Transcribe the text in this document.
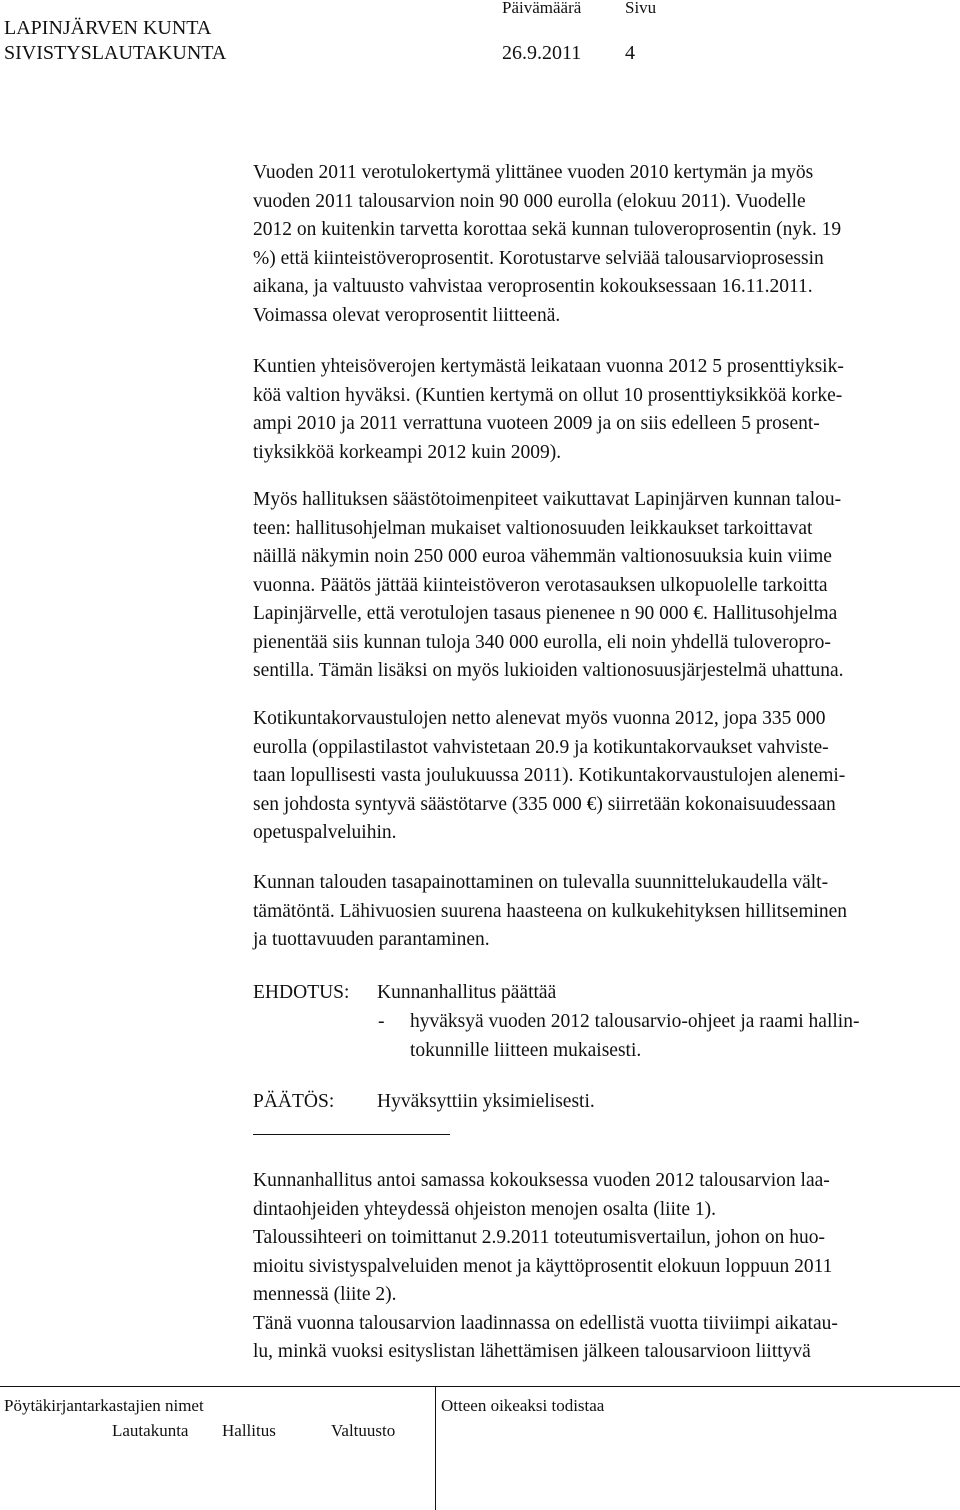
LAPINJÄRVEN KUNTA
SIVISTYSLAUTAKUNTA
Päivämäärä	Sivu
26.9.2011 4
Vuoden 2011 verotulokertymä ylittänee vuoden 2010 kertymän ja myös
vuoden 2011 talousarvion noin 90 000 eurolla (elokuu 2011). Vuodelle
2012 on kuitenkin tarvetta korottaa sekä kunnan tuloveroprosentin (nyk. 19
%) että kiinteistöveroprosentit. Korotustarve selviää talousarvioprosessin
aikana, ja valtuusto vahvistaa veroprosentin kokouksessaan 16.11.2011.
Voimassa olevat veroprosentit liitteenä.
Kuntien yhteisöverojen kertymästä leikataan vuonna 2012 5 prosenttiyksik-
köä valtion hyväksi. (Kuntien kertymä on ollut 10 prosenttiyksikköä korke-
ampi 2010 ja 2011 verrattuna vuoteen 2009 ja on siis edelleen 5 prosent-
tiyksikköä korkeampi 2012 kuin 2009).
Myös hallituksen säästötoimenpiteet vaikuttavat Lapinjärven kunnan talou-
teen: hallitusohjelman mukaiset valtionosuuden leikkaukset tarkoittavat
näillä näkymin noin 250 000 euroa vähemmän valtionosuuksia kuin viime
vuonna. Päätös jättää kiinteistöveron verotasauksen ulkopuolelle tarkoitta
Lapinjärvelle, että verotulojen tasaus pienenee n 90 000 €. Hallitusohjelma
pienentää siis kunnan tuloja 340 000 eurolla, eli noin yhdellä tuloveropro-
sentilla. Tämän lisäksi on myös lukioiden valtionosuusjärjestelmä uhattuna.
Kotikuntakorvaustulojen netto alenevat myös vuonna 2012, jopa 335 000
eurolla (oppilastilastot vahvistetaan 20.9 ja kotikuntakorvaukset vahviste-
taan lopullisesti vasta joulukuussa 2011). Kotikuntakorvaustulojen alenemi-
sen johdosta syntyvä säästötarve (335 000 €) siirretään kokonaisuudessaan
opetuspalveluihin.
Kunnan talouden tasapainottaminen on tulevalla suunnittelukaudella vält-
tämätöntä. Lähivuosien suurena haasteena on kulkukehityksen hillitseminen
ja tuottavuuden parantaminen.
EHDOTUS: Kunnanhallitus päättää
- hyväksyä vuoden 2012 talousarvio-ohjeet ja raami hallin-
tokunnille liitteen mukaisesti.
PÄÄTÖS: Hyväksyttiin yksimielisesti.
Kunnanhallitus antoi samassa kokouksessa vuoden 2012 talousarvion laa-
dintaohjeiden yhteydessä ohjeiston menojen osalta (liite 1).
Taloussihteeri on toimittanut 2.9.2011 toteutumisvertailun, johon on huo-
mioitu sivistyspalveluiden menot ja käyttöprosentit elokuun loppuun 2011
mennessä (liite 2).
Tänä vuonna talousarvion laadinnassa on edellistä vuotta tiiviimpi aikatau-
lu, minkä vuoksi esityslistan lähettämisen jälkeen talousarvioon liittyvä
Pöytäkirjantarkastajien nimet
Lautakunta Hallitus	Valtuusto
Otteen oikeaksi todistaa
